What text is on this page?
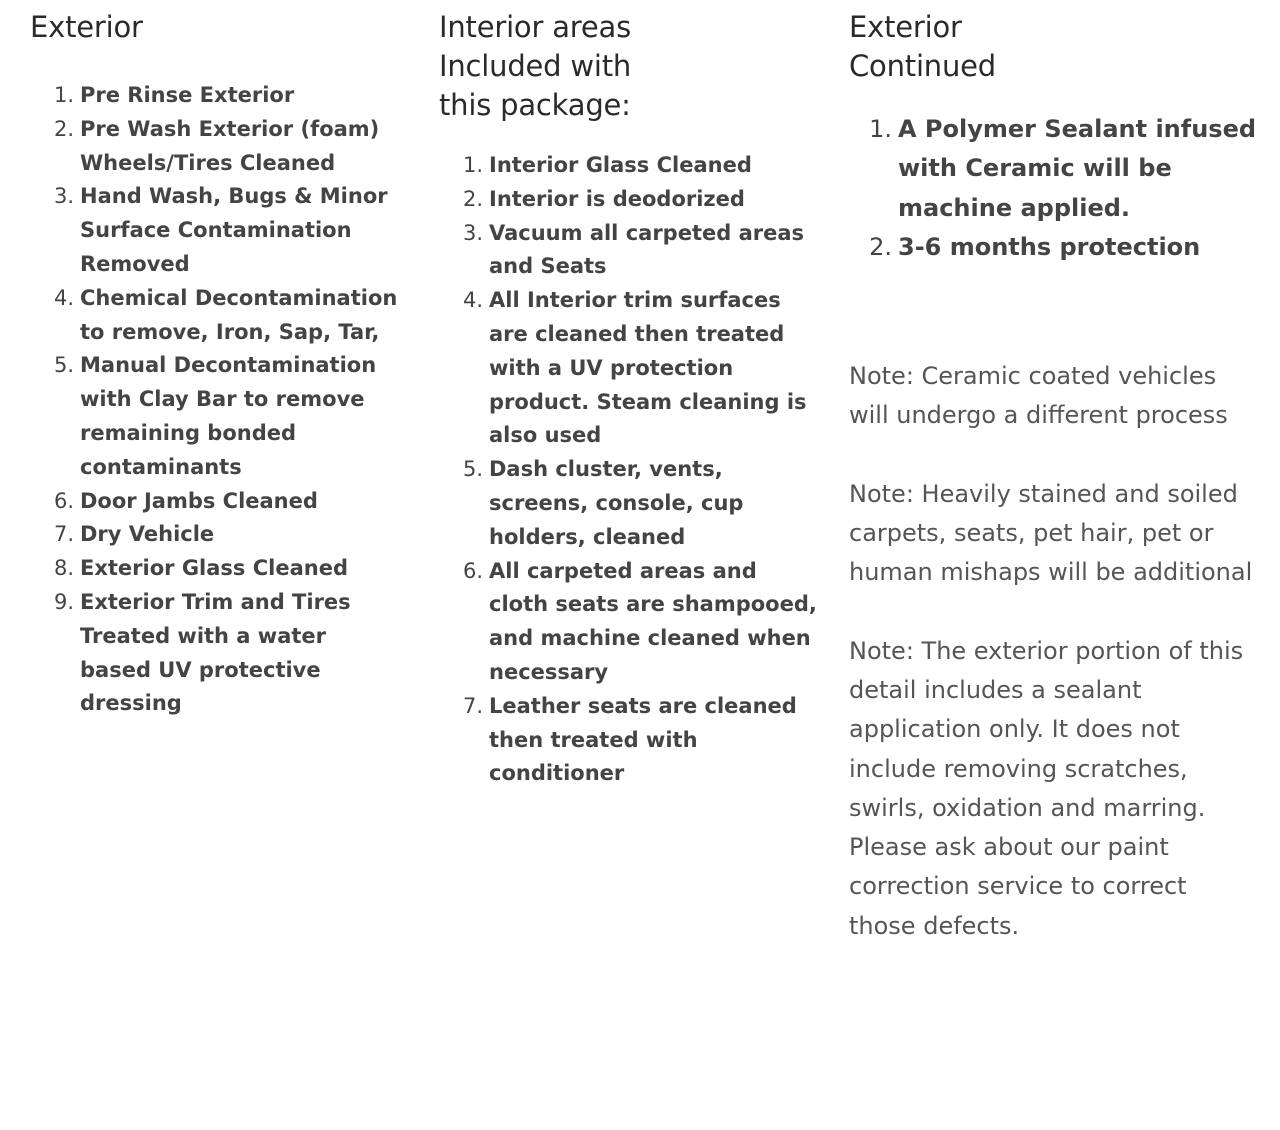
Exterior
1. Pre Rinse Exterior
2. Pre Wash Exterior (foam) Wheels/Tires Cleaned
3. Hand Wash, Bugs & Minor Surface Contamination Removed
4. Chemical Decontamination to remove, Iron, Sap, Tar,
5. Manual Decontamination with Clay Bar to remove remaining bonded contaminants
6. Door Jambs Cleaned
7. Dry Vehicle
8. Exterior Glass Cleaned
9. Exterior Trim and Tires Treated with a water based UV protective dressing
Interior areas
Included with
this package:
1. Interior Glass Cleaned
2. Interior is deodorized
3. Vacuum all carpeted areas and Seats
4. All Interior trim surfaces are cleaned then treated with a UV protection product. Steam cleaning is also used
5. Dash cluster, vents, screens, console, cup holders, cleaned
6. All carpeted areas and cloth seats are shampooed, and machine cleaned when necessary
7. Leather seats are cleaned then treated with conditioner
Exterior
Continued
1. A Polymer Sealant infused with Ceramic will be machine applied.
2. 3-6 months protection

Note: Ceramic coated vehicles will undergo a different process

Note: Heavily stained and soiled carpets, seats, pet hair, pet or human mishaps will be additional

Note: The exterior portion of this detail includes a sealant application only. It does not include removing scratches, swirls, oxidation and marring. Please ask about our paint correction service to correct those defects.
